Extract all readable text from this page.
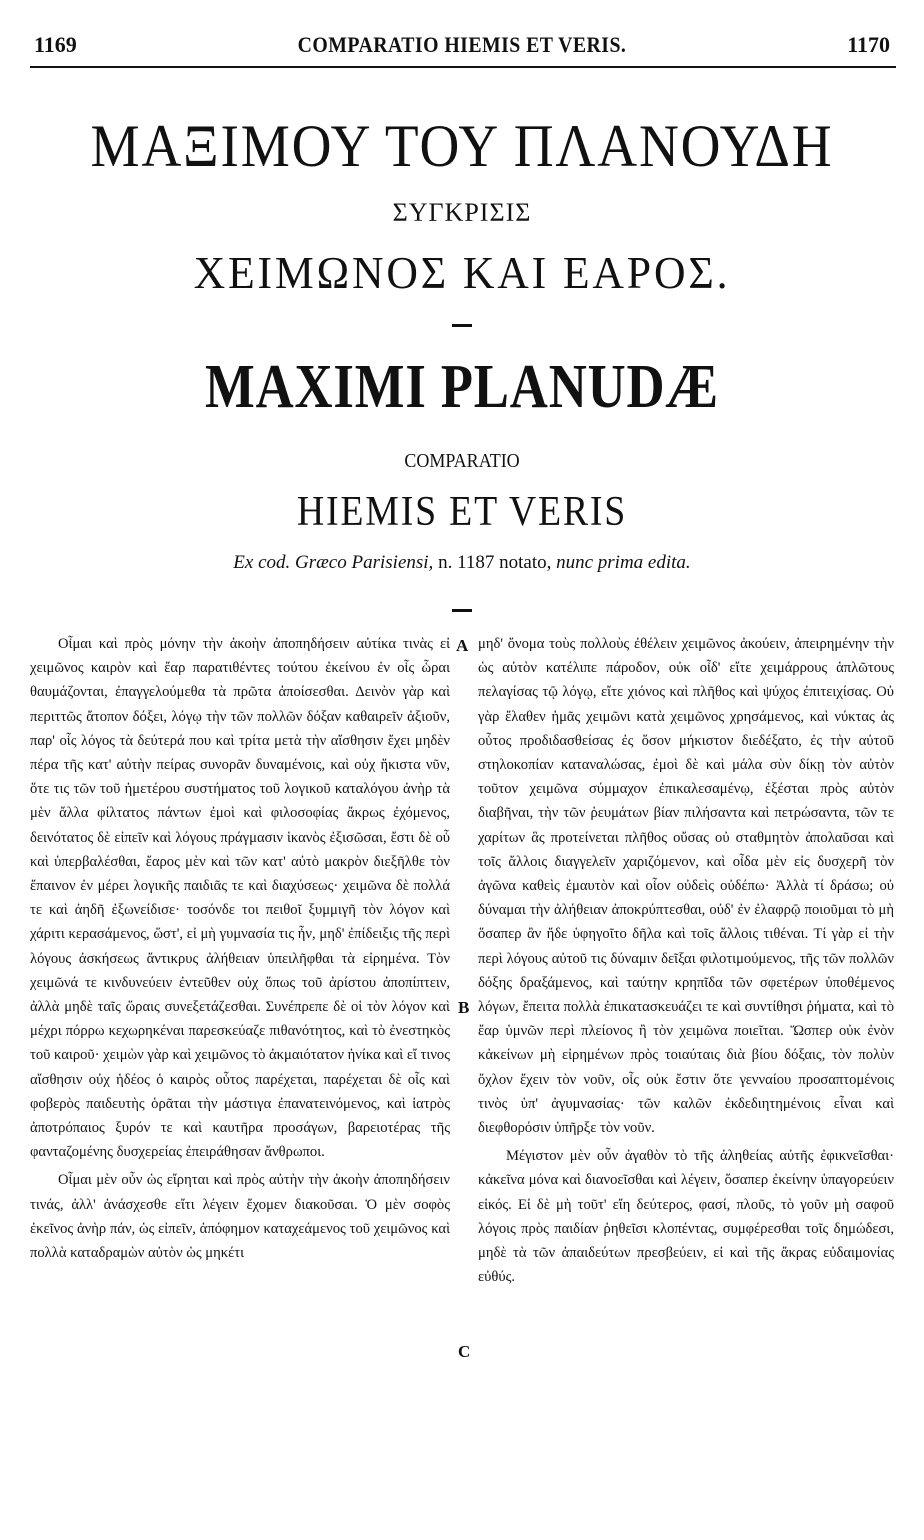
1169	COMPARATIO HIEMIS ET VERIS.	1170
ΜΑΞΙΜΟΥ ΤΟΥ ΠΛΑΝΟΥΔΗ
ΣΥΓΚΡΙΣΙΣ
ΧΕΙΜΩΝΟΣ ΚΑΙ ΕΑΡΟΣ.
MAXIMI PLANUDÆ
COMPARATIO
HIEMIS ET VERIS
Ex cod. Græco Parisiensi, n. 1187 notato, nunc prima edita.

Οἶμαι καὶ πρὸς μόνην τὴν ἀκοὴν ἀποπηδήσειν αὐτίκα τινὰς εἰ χειμῶνος καιρὸν καὶ ἔαρ παρατιθέντες τούτου ἐκείνου ἐν οἷς ὧραι θαυμάζονται, ἐπαγγελούμεθα τὰ πρῶτα ἀποίσεσθαι. Δεινὸν γὰρ καὶ περιττῶς ἄτοπον δόξει, λόγῳ τὴν τῶν πολλῶν δόξαν καθαιρεῖν ἀξιοῦν, παρ' οἷς λόγος τὰ δεύτερά που καὶ τρίτα μετὰ τὴν αἴσθησιν ἔχει μηδὲν πέρα τῆς κατ' αὐτὴν πείρας συνορᾶν δυναμένοις, καὶ οὐχ ἥκιστα νῦν, ὅτε τις τῶν τοῦ ἡμετέρου συστήματος τοῦ λογικοῦ καταλόγου ἀνὴρ τὰ μὲν ἄλλα φίλτατος πάντων ἐμοὶ καὶ φιλοσοφίας ἄκρως ἐχόμενος, δεινότατος δὲ εἰπεῖν καὶ λόγους πράγμασιν ἱκανὸς ἐξισῶσαι, ἔστι δὲ οὗ καὶ ὑπερβαλέσθαι, ἔαρος μὲν καὶ τῶν κατ' αὐτὸ μακρὸν διεξῆλθε τὸν ἔπαινον ἐν μέρει λογικῆς παιδιᾶς τε καὶ διαχύσεως· χειμῶνα δὲ πολλά τε καὶ ἀηδῆ ἐξωνείδισε· τοσόνδε τοι πειθοῖ ξυμμιγῆ τὸν λόγον καὶ χάριτι κερασάμενος, ὥστ', εἰ μὴ γυμνασία τις ἦν, μηδ' ἐπίδειξις τῆς περὶ λόγους ἀσκήσεως ἄντικρυς ἀλήθειαν ὑπειλῆφθαι τὰ εἰρημένα. Τὸν χειμῶνά τε κινδυνεύειν ἐντεῦθεν οὐχ ὅπως τοῦ ἀρίστου ἀποπίπτειν, ἀλλὰ μηδὲ ταῖς ὥραις συνεξετάζεσθαι. Συνέπρεπε δὲ οἱ τὸν λόγον καὶ μέχρι πόρρω κεχωρηκέναι παρεσκεύαζε πιθανότητος, καὶ τὸ ἐνεστηκὸς τοῦ καιροῦ· χειμὼν γὰρ καὶ χειμῶνος τὸ ἀκμαιότατον ἡνίκα καὶ εἴ τινος αἴσθησιν οὐχ ἡδέος ὁ καιρὸς οὗτος παρέχεται, παρέχεται δὲ οἷς καὶ φοβερὸς παιδευτὴς ὁρᾶται τὴν μάστιγα ἐπανατεινόμενος, καὶ ἰατρὸς ἀποτρόπαιος ξυρόν τε καὶ καυτῆρα προσάγων, βαρειοτέρας τῆς φανταζομένης δυσχερείας ἐπειράθησαν ἄνθρωποι.

Οἶμαι μὲν οὖν ὡς εἴρηται καὶ πρὸς αὐτὴν τὴν ἀκοὴν ἀποπηδήσειν τινάς, ἀλλ' ἀνάσχεσθε εἴτι λέγειν ἔχομεν διακοῦσαι. Ὁ μὲν σοφὸς ἐκεῖνος ἀνὴρ πάν, ὡς εἰπεῖν, ἀπόφημον καταχεάμενος τοῦ χειμῶνος καὶ πολλὰ καταδραμὼν αὐτὸν ὡς μηκέτι

μηδ' ὄνομα τοὺς πολλοὺς ἐθέλειν χειμῶνος ἀκούειν, ἀπειρημένην τὴν ὡς αὐτὸν κατέλιπε πάροδον, οὐκ οἶδ' εἴτε χειμάρρους ἁπλῶτους πελαγίσας τῷ λόγῳ, εἴτε χιόνος καὶ πλῆθος καὶ ψύχος ἐπιτειχίσας. Οὐ γὰρ ἔλαθεν ἡμᾶς χειμῶνι κατὰ χειμῶνος χρησάμενος, καὶ νύκτας ἀς οὗτος προδιδασθείσας ἐς ὅσον μήκιστον διεδέξατο, ἐς τὴν αὐτοῦ στηλοκοπίαν καταναλώσας, ἐμοὶ δὲ καὶ μάλα σὺν δίκῃ τὸν αὐτὸν τοῦτον χειμῶνα σύμμαχον ἐπικαλεσαμένῳ, ἐξέσται πρὸς αὐτὸν διαβῆναι, τὴν τῶν ῥευμάτων βίαν πιλήσαντα καὶ πετρώσαντα, τῶν τε χαρίτων ἃς προτείνεται πλῆθος οὔσας οὐ σταθμητὸν ἀπολαῦσαι καὶ τοῖς ἄλλοις διαγγελεῖν χαριζόμενον, καὶ οἶδα μὲν εἰς δυσχερῆ τὸν ἀγῶνα καθεὶς ἐμαυτὸν καὶ οἷον οὐδεὶς οὐδέπω· Ἀλλὰ τί δράσω; οὐ δύναμαι τὴν ἀλήθειαν ἀποκρύπτεσθαι, οὐδ' ἐν ἐλαφρῷ ποιοῦμαι τὸ μὴ ὅσαπερ ἂν ἤδε ὑφηγοῖτο δῆλα καὶ τοῖς ἄλλοις τιθέναι. Τί γὰρ εἰ τὴν περὶ λόγους αὐτοῦ τις δύναμιν δεῖξαι φιλοτιμούμενος, τῆς τῶν πολλῶν δόξης δραξάμενος, καὶ ταύτην κρηπῖδα τῶν σφετέρων ὑποθέμενος λόγων, ἔπειτα πολλὰ ἐπικατασκευάζει τε καὶ συντίθησι ῥήματα, καὶ τὸ ἔαρ ὑμνῶν περὶ πλείονος ἢ τὸν χειμῶνα ποιεῖται. Ὥσπερ οὐκ ἐνὸν κἀκείνων μὴ εἰρημένων πρὸς τοιαύταις διὰ βίου δόξαις, τὸν πολὺν ὄχλον ἔχειν τὸν νοῦν, οἷς οὐκ ἔστιν ὅτε γενναίου προσαπτομένοις τινὸς ὑπ' ἀγυμνασίας· τῶν καλῶν ἐκδεδιητημένοις εἶναι καὶ διεφθορόσιν ὑπῆρξε τὸν νοῦν.

Μέγιστον μὲν οὖν ἀγαθὸν τὸ τῆς ἀληθείας αὐτῆς ἐφικνεῖσθαι· κἀκεῖνα μόνα καὶ διανοεῖσθαι καὶ λέγειν, ὅσαπερ ἐκείνην ὑπαγορεύειν εἰκός. Εἰ δὲ μὴ τοῦτ' εἴη δεύτερος, φασί, πλοῦς, τὸ γοῦν μὴ σαφοῦ λόγοις πρὸς παιδίαν ῥηθεῖσι κλοπέντας, συμφέρεσθαι τοῖς δημώδεσι, μηδὲ τὰ τῶν ἀπαιδεύτων πρεσβεύειν, εἰ καὶ τῆς ἄκρας εὐδαιμονίας εὐθύς.

A
B
C
